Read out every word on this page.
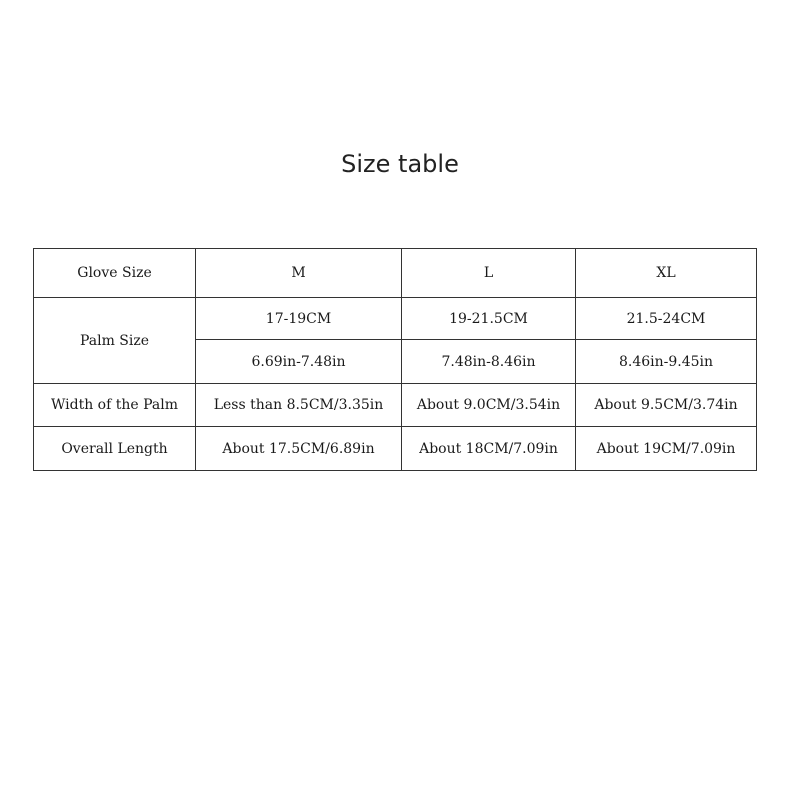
Size table
Glove Size	M	L	XL
Palm Size	17-19CM	19-21.5CM	21.5-24CM
	6.69in-7.48in	7.48in-8.46in	8.46in-9.45in
Width of the Palm	Less than 8.5CM/3.35in	About 9.0CM/3.54in	About 9.5CM/3.74in
Overall Length	About 17.5CM/6.89in	About 18CM/7.09in	About 19CM/7.09in
